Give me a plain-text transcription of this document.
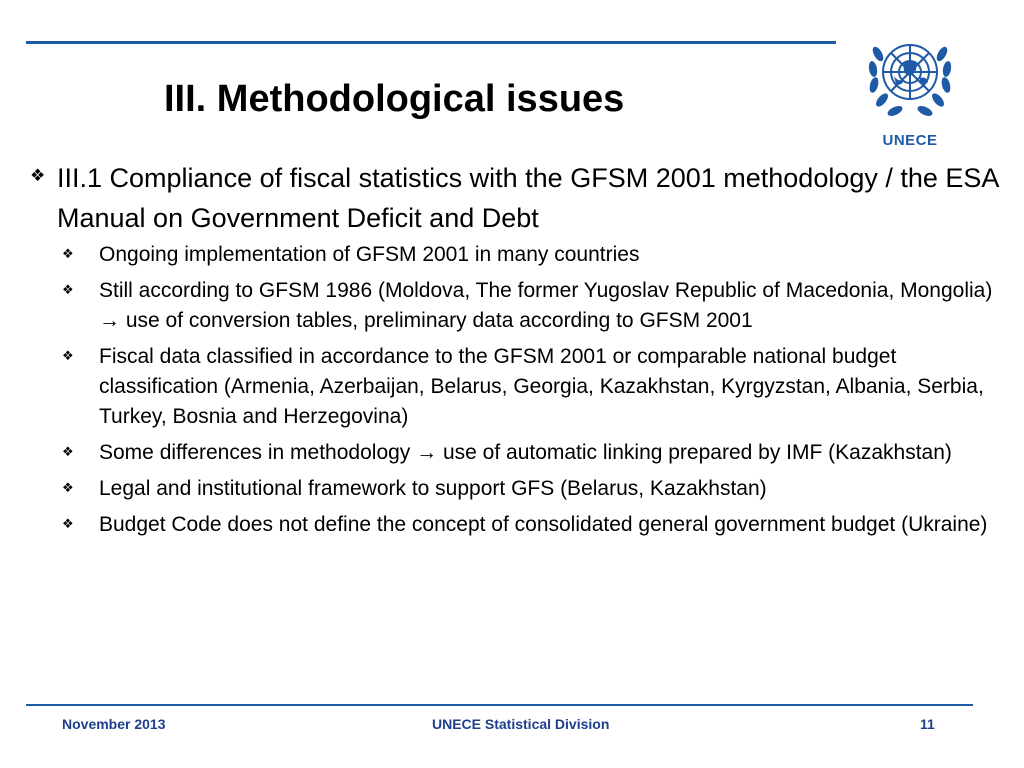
III. Methodological issues
UNECE
❖ III.1 Compliance of fiscal statistics with the GFSM 2001 methodology / the ESA Manual on Government Deficit and Debt
❖ Ongoing implementation of GFSM 2001 in many countries
❖ Still according to GFSM 1986 (Moldova, The former Yugoslav Republic of Macedonia, Mongolia) → use of conversion tables, preliminary data according to GFSM 2001
❖ Fiscal data classified in accordance to the GFSM 2001 or comparable national budget classification (Armenia, Azerbaijan, Belarus, Georgia, Kazakhstan, Kyrgyzstan, Albania, Serbia, Turkey, Bosnia and Herzegovina)
❖ Some differences in methodology → use of automatic linking prepared by IMF (Kazakhstan)
❖ Legal and institutional framework to support GFS (Belarus, Kazakhstan)
❖ Budget Code does not define the concept of consolidated general government budget (Ukraine)
November 2013	UNECE Statistical Division	11
